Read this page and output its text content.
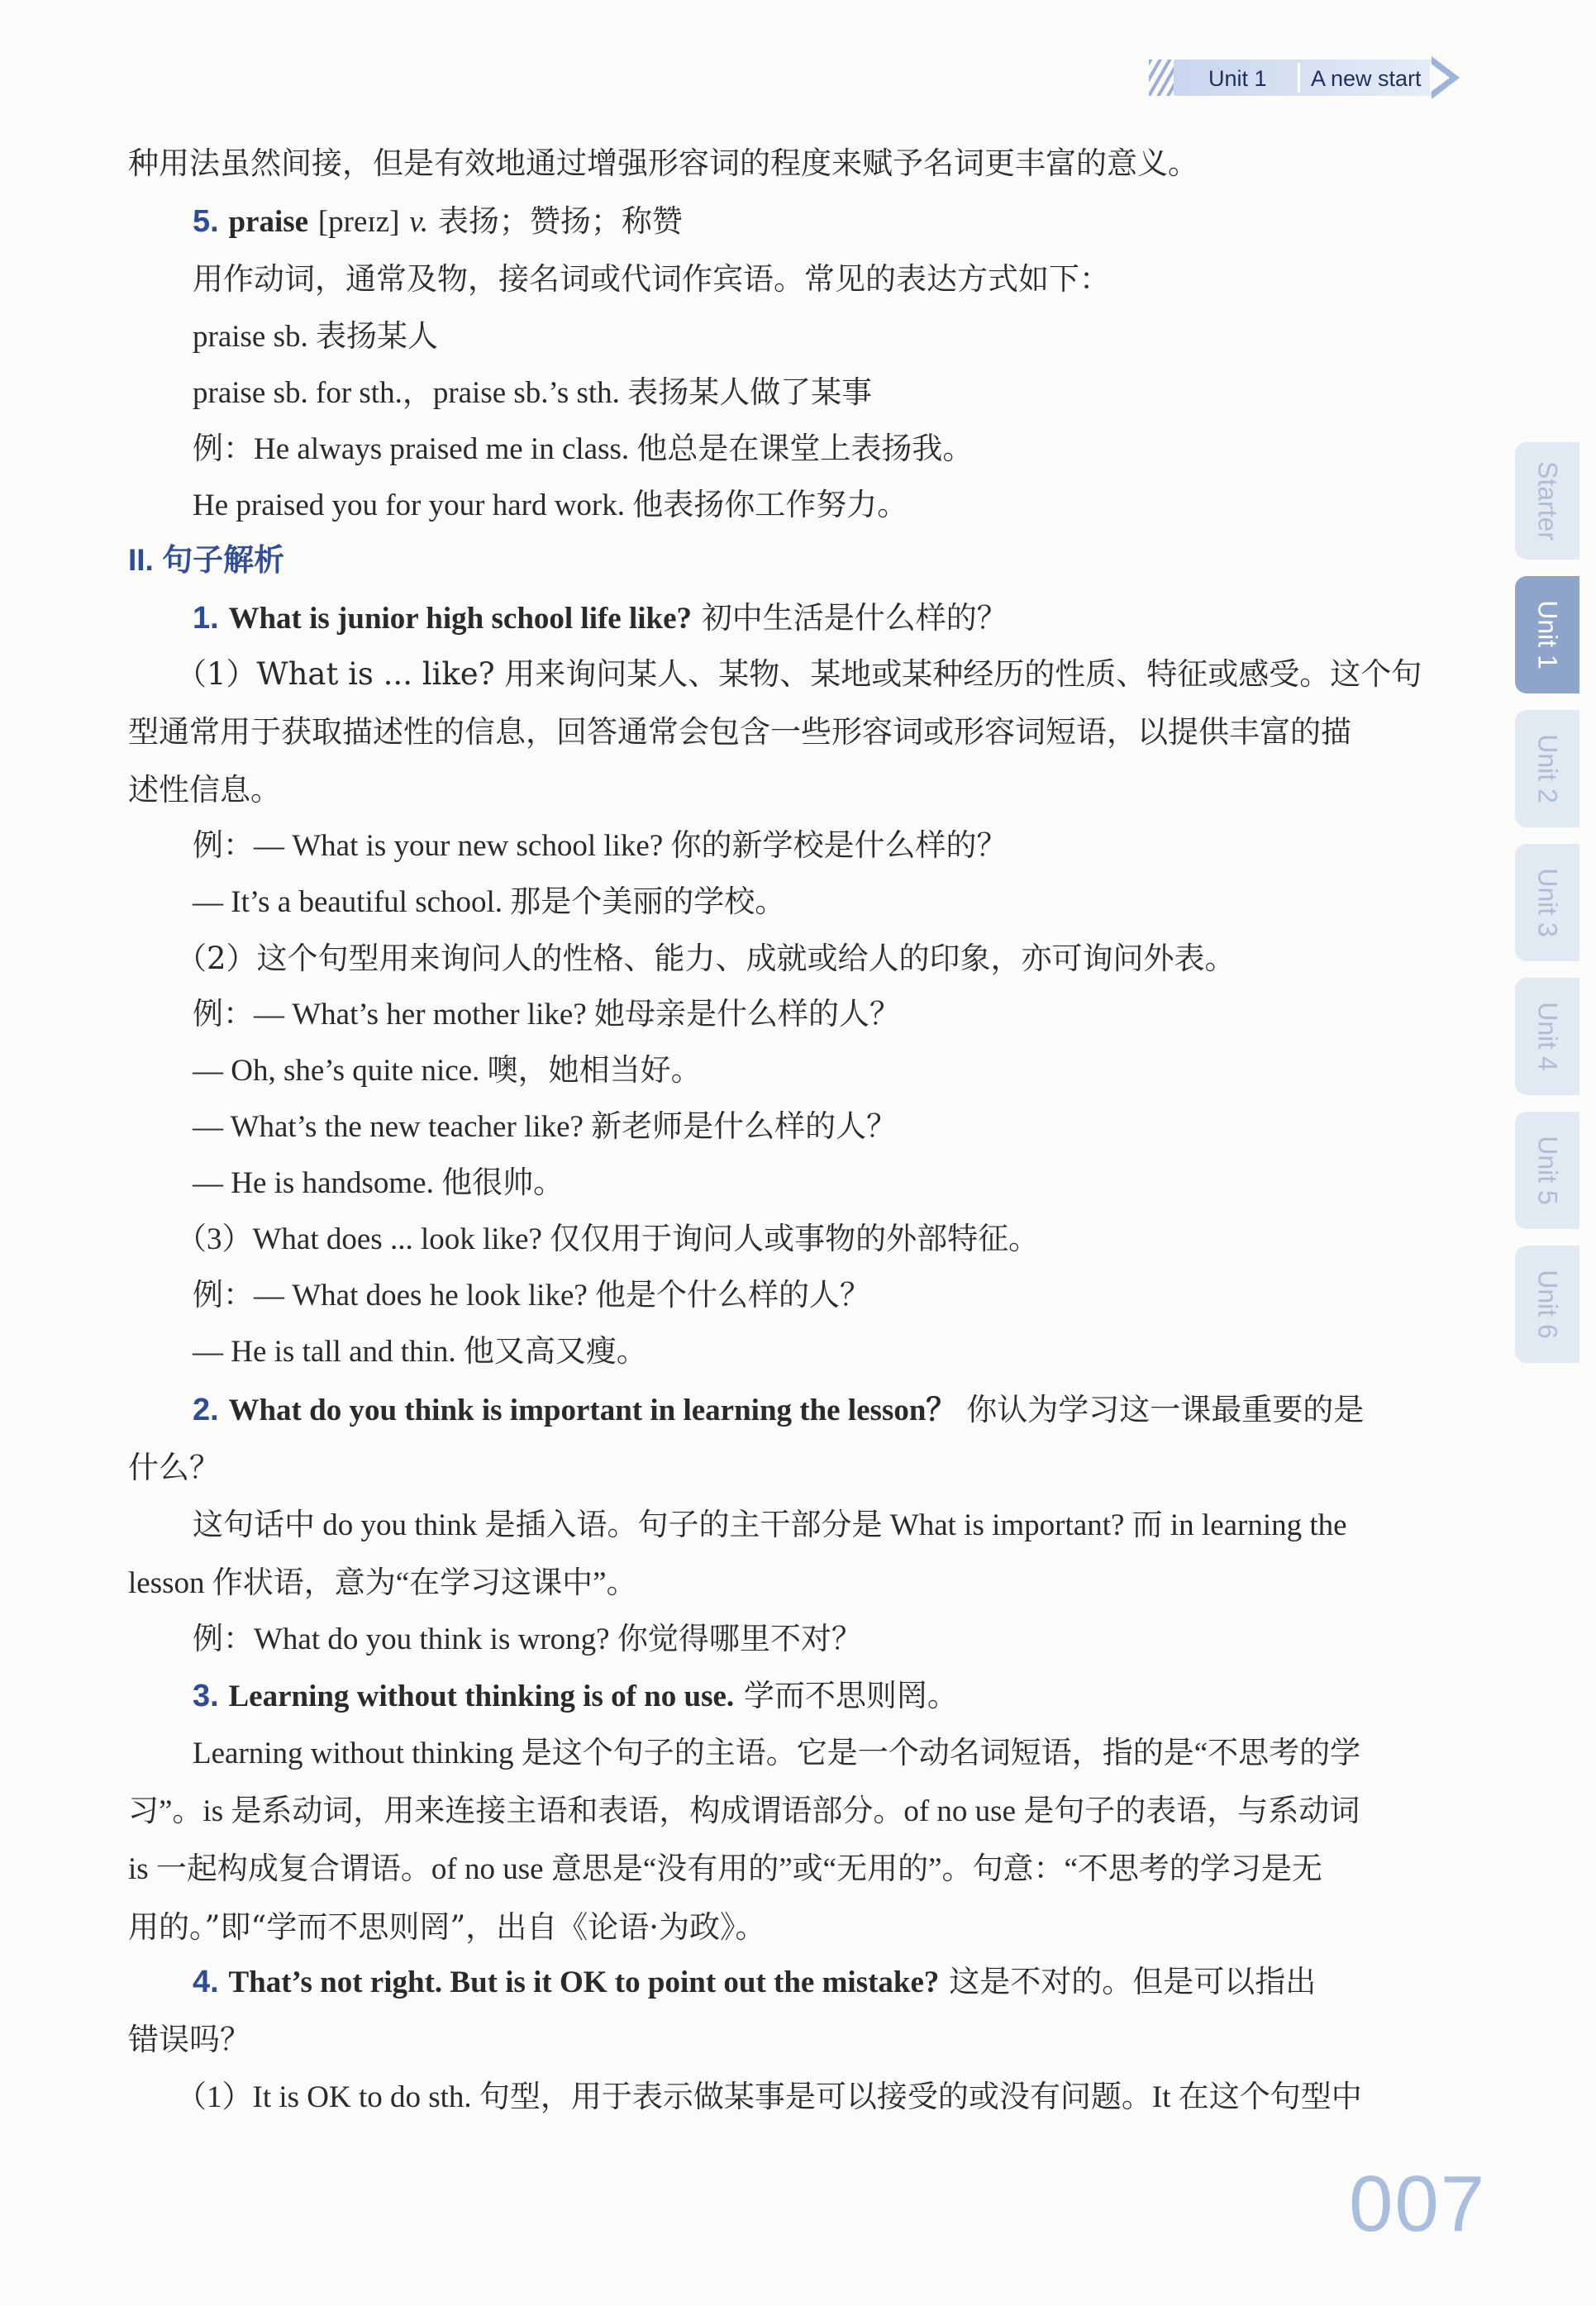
Unit 1 A new start
Starter
Unit 1
Unit 2
Unit 3
Unit 4
Unit 5
Unit 6
种用法虽然间接，但是有效地通过增强形容词的程度来赋予名词更丰富的意义。
5. praise [preɪz] v. 表扬；赞扬；称赞
用作动词，通常及物，接名词或代词作宾语。常见的表达方式如下：
praise sb. 表扬某人
praise sb. for sth.，praise sb.’s sth. 表扬某人做了某事
例：He always praised me in class. 他总是在课堂上表扬我。
He praised you for your hard work. 他表扬你工作努力。
II. 句子解析
1. What is junior high school life like? 初中生活是什么样的？
（1）What is ... like? 用来询问某人、某物、某地或某种经历的性质、特征或感受。这个句
型通常用于获取描述性的信息，回答通常会包含一些形容词或形容词短语，以提供丰富的描
述性信息。
例：— What is your new school like? 你的新学校是什么样的？
— It’s a beautiful school. 那是个美丽的学校。
（2）这个句型用来询问人的性格、能力、成就或给人的印象，亦可询问外表。
例：— What’s her mother like? 她母亲是什么样的人？
— Oh, she’s quite nice. 噢，她相当好。
— What’s the new teacher like? 新老师是什么样的人？
— He is handsome. 他很帅。
（3）What does ... look like? 仅仅用于询问人或事物的外部特征。
例：— What does he look like? 他是个什么样的人？
— He is tall and thin. 他又高又瘦。
2. What do you think is important in learning the lesson？ 你认为学习这一课最重要的是
什么？
这句话中 do you think 是插入语。句子的主干部分是 What is important? 而 in learning the
lesson 作状语，意为“在学习这课中”。
例：What do you think is wrong? 你觉得哪里不对？
3. Learning without thinking is of no use. 学而不思则罔。
Learning without thinking 是这个句子的主语。它是一个动名词短语，指的是“不思考的学
习”。is 是系动词，用来连接主语和表语，构成谓语部分。of no use 是句子的表语，与系动词
is 一起构成复合谓语。of no use 意思是“没有用的”或“无用的”。句意：“不思考的学习是无
用的。”即“学而不思则罔”，出自《论语·为政》。
4. That’s not right. But is it OK to point out the mistake? 这是不对的。但是可以指出
错误吗？
（1）It is OK to do sth. 句型，用于表示做某事是可以接受的或没有问题。It 在这个句型中
007
